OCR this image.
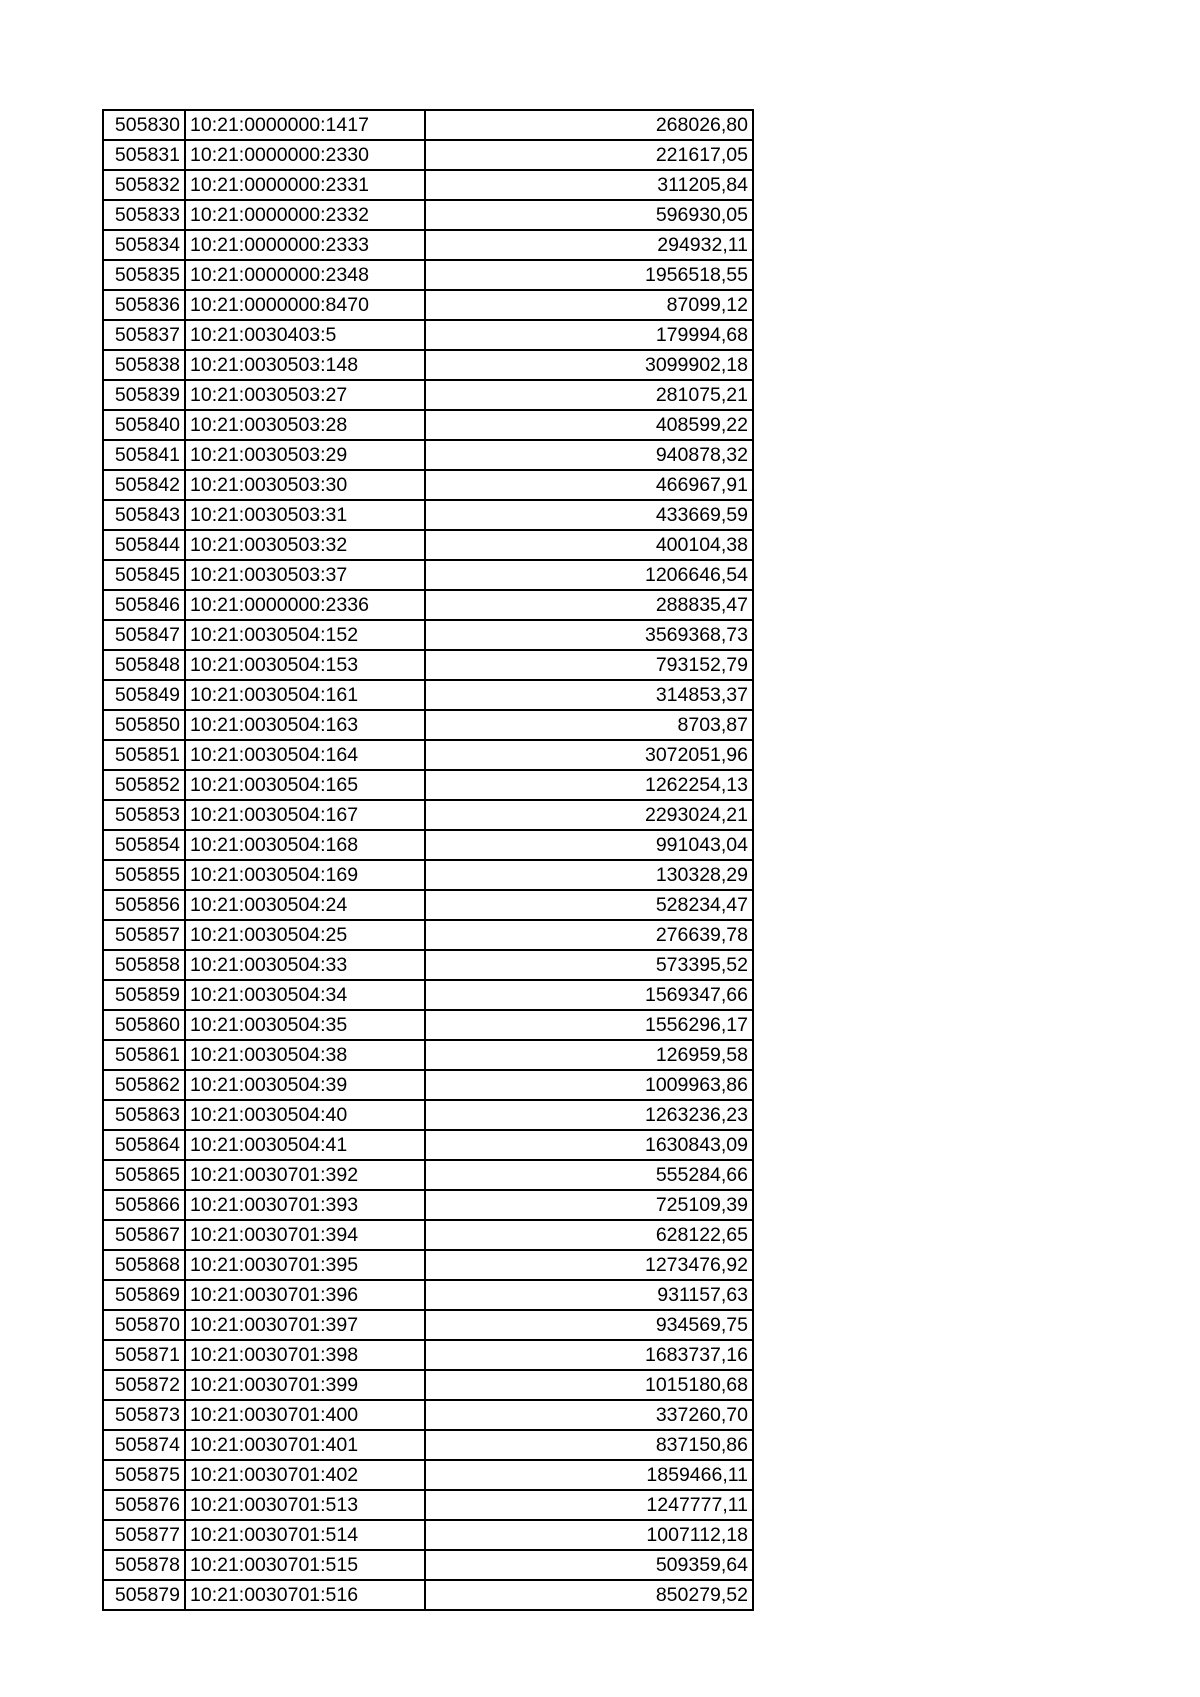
505830	10:21:0000000:1417	268026,80
505831	10:21:0000000:2330	221617,05
505832	10:21:0000000:2331	311205,84
505833	10:21:0000000:2332	596930,05
505834	10:21:0000000:2333	294932,11
505835	10:21:0000000:2348	1956518,55
505836	10:21:0000000:8470	87099,12
505837	10:21:0030403:5	179994,68
505838	10:21:0030503:148	3099902,18
505839	10:21:0030503:27	281075,21
505840	10:21:0030503:28	408599,22
505841	10:21:0030503:29	940878,32
505842	10:21:0030503:30	466967,91
505843	10:21:0030503:31	433669,59
505844	10:21:0030503:32	400104,38
505845	10:21:0030503:37	1206646,54
505846	10:21:0000000:2336	288835,47
505847	10:21:0030504:152	3569368,73
505848	10:21:0030504:153	793152,79
505849	10:21:0030504:161	314853,37
505850	10:21:0030504:163	8703,87
505851	10:21:0030504:164	3072051,96
505852	10:21:0030504:165	1262254,13
505853	10:21:0030504:167	2293024,21
505854	10:21:0030504:168	991043,04
505855	10:21:0030504:169	130328,29
505856	10:21:0030504:24	528234,47
505857	10:21:0030504:25	276639,78
505858	10:21:0030504:33	573395,52
505859	10:21:0030504:34	1569347,66
505860	10:21:0030504:35	1556296,17
505861	10:21:0030504:38	126959,58
505862	10:21:0030504:39	1009963,86
505863	10:21:0030504:40	1263236,23
505864	10:21:0030504:41	1630843,09
505865	10:21:0030701:392	555284,66
505866	10:21:0030701:393	725109,39
505867	10:21:0030701:394	628122,65
505868	10:21:0030701:395	1273476,92
505869	10:21:0030701:396	931157,63
505870	10:21:0030701:397	934569,75
505871	10:21:0030701:398	1683737,16
505872	10:21:0030701:399	1015180,68
505873	10:21:0030701:400	337260,70
505874	10:21:0030701:401	837150,86
505875	10:21:0030701:402	1859466,11
505876	10:21:0030701:513	1247777,11
505877	10:21:0030701:514	1007112,18
505878	10:21:0030701:515	509359,64
505879	10:21:0030701:516	850279,52
